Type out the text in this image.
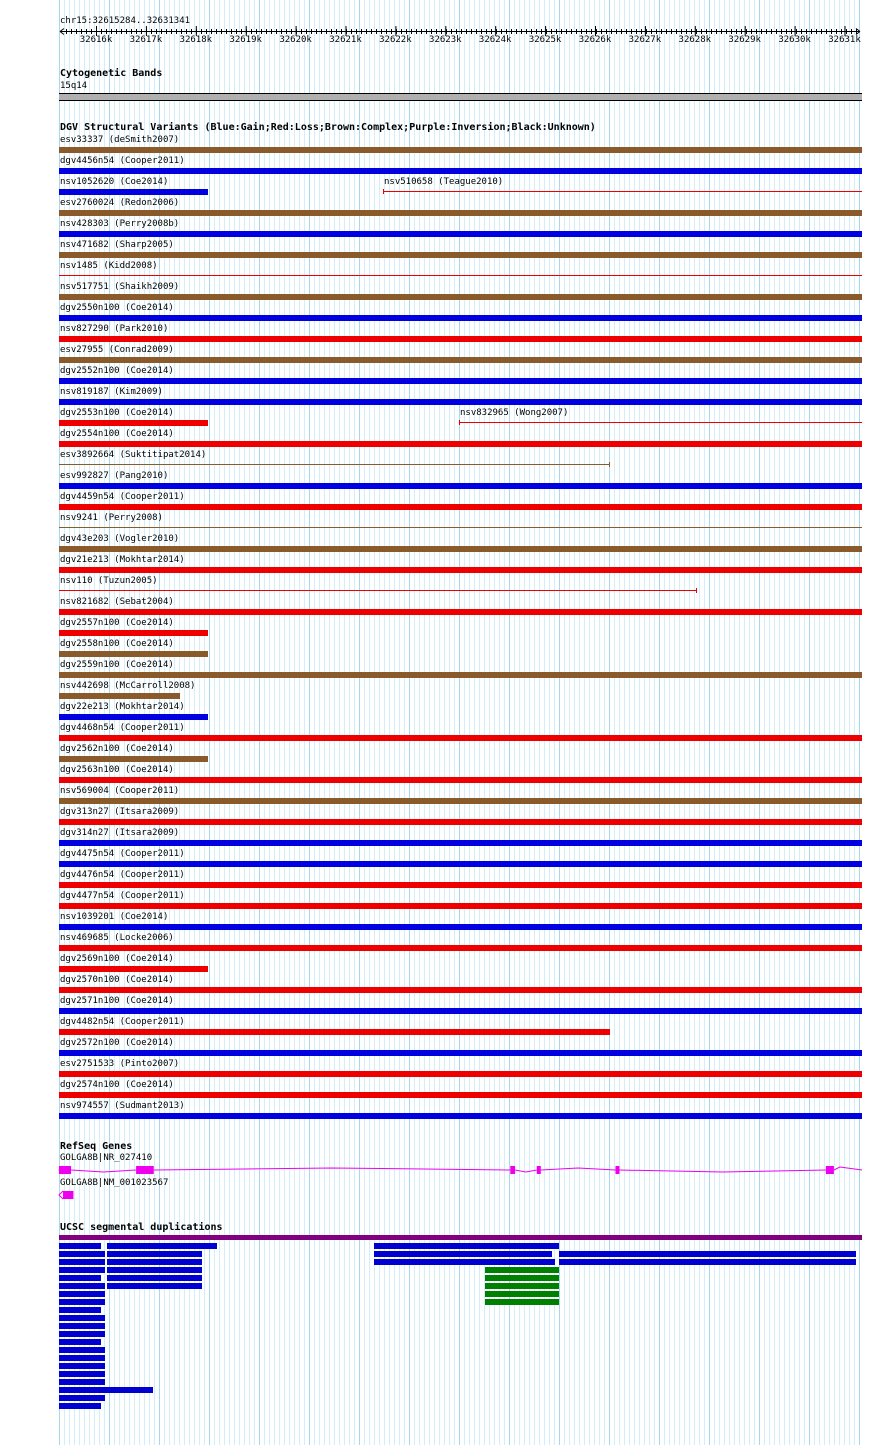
chr15:32615284..32631341
32616k	32617k	32618k	32619k	32620k	32621k	32622k	32623k	32624k	32625k	32626k	32627k	32628k	32629k	32630k	32631k
Cytogenetic Bands
15q14
DGV Structural Variants (Blue:Gain;Red:Loss;Brown:Complex;Purple:Inversion;Black:Unknown)
esv33337 (deSmith2007)
dgv4456n54 (Cooper2011)
nsv1052620 (Coe2014)	nsv510658 (Teague2010)
esv2760024 (Redon2006)
nsv428303 (Perry2008b)
nsv471682 (Sharp2005)
nsv1485 (Kidd2008)
nsv517751 (Shaikh2009)
dgv2550n100 (Coe2014)
nsv827290 (Park2010)
esv27955 (Conrad2009)
dgv2552n100 (Coe2014)
nsv819187 (Kim2009)
dgv2553n100 (Coe2014)	nsv832965 (Wong2007)
dgv2554n100 (Coe2014)
esv3892664 (Suktitipat2014)
esv992827 (Pang2010)
dgv4459n54 (Cooper2011)
nsv9241 (Perry2008)
dgv43e203 (Vogler2010)
dgv21e213 (Mokhtar2014)
nsv110 (Tuzun2005)
nsv821682 (Sebat2004)
dgv2557n100 (Coe2014)
dgv2558n100 (Coe2014)
dgv2559n100 (Coe2014)
nsv442698 (McCarroll2008)
dgv22e213 (Mokhtar2014)
dgv4468n54 (Cooper2011)
dgv2562n100 (Coe2014)
dgv2563n100 (Coe2014)
nsv569004 (Cooper2011)
dgv313n27 (Itsara2009)
dgv314n27 (Itsara2009)
dgv4475n54 (Cooper2011)
dgv4476n54 (Cooper2011)
dgv4477n54 (Cooper2011)
nsv1039201 (Coe2014)
nsv469685 (Locke2006)
dgv2569n100 (Coe2014)
dgv2570n100 (Coe2014)
dgv2571n100 (Coe2014)
dgv4482n54 (Cooper2011)
dgv2572n100 (Coe2014)
esv2751533 (Pinto2007)
dgv2574n100 (Coe2014)
nsv974557 (Sudmant2013)
RefSeq Genes
GOLGA8B|NR_027410
GOLGA8B|NM_001023567
UCSC segmental duplications
